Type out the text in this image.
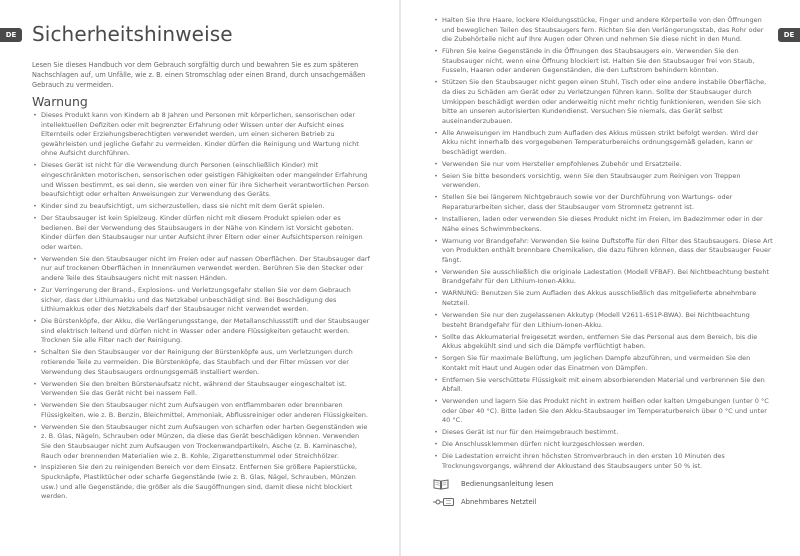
DE Sicherheitshinweise

Lesen Sie dieses Handbuch vor dem Gebrauch sorgfältig durch und bewahren Sie es zum späteren Nachschlagen auf, um Unfälle, wie z. B. einen Stromschlag oder einen Brand, durch unsachgemäßen Gebrauch zu vermeiden.

Warnung
• Dieses Produkt kann von Kindern ab 8 Jahren und Personen mit körperlichen, sensorischen oder intellektuellen Defiziten oder mit begrenzter Erfahrung oder Wissen unter der Aufsicht eines Elternteils oder Erziehungsberechtigten verwendet werden, um einen sicheren Betrieb zu gewährleisten und jegliche Gefahr zu vermeiden. Kinder dürfen die Reinigung und Wartung nicht ohne Aufsicht durchführen.
• Dieses Gerät ist nicht für die Verwendung durch Personen (einschließlich Kinder) mit eingeschränkten motorischen, sensorischen oder geistigen Fähigkeiten oder mangelnder Erfahrung und Wissen bestimmt, es sei denn, sie werden von einer für ihre Sicherheit verantwortlichen Person beaufsichtigt oder erhalten Anweisungen zur Verwendung des Geräts.
• Kinder sind zu beaufsichtigt, um sicherzustellen, dass sie nicht mit dem Gerät spielen.
• Der Staubsauger ist kein Spielzeug. Kinder dürfen nicht mit diesem Produkt spielen oder es bedienen. Bei der Verwendung des Staubsaugers in der Nähe von Kindern ist Vorsicht geboten. Kinder dürfen den Staubsauger nur unter Aufsicht ihrer Eltern oder einer Aufsichtsperson reinigen oder warten.
• Verwenden Sie den Staubsauger nicht im Freien oder auf nassen Oberflächen. Der Staubsauger darf nur auf trockenen Oberflächen in Innenräumen verwendet werden. Berühren Sie den Stecker oder andere Teile des Staubsaugers nicht mit nassen Händen.
• Zur Verringerung der Brand-, Explosions- und Verletzungsgefahr stellen Sie vor dem Gebrauch sicher, dass der Lithiumakku und das Netzkabel unbeschädigt sind. Bei Beschädigung des Lithiumakkus oder des Netzkabels darf der Staubsauger nicht verwendet werden.
• Die Bürstenköpfe, der Akku, die Verlängerungsstange, der Metallanschlussstift und der Staubsauger sind elektrisch leitend und dürfen nicht in Wasser oder andere Flüssigkeiten getaucht werden. Trocknen Sie alle Filter nach der Reinigung.
• Schalten Sie den Staubsauger vor der Reinigung der Bürstenköpfe aus, um Verletzungen durch rotierende Teile zu vermeiden. Die Bürstenköpfe, das Staubfach und der Filter müssen vor der Verwendung des Staubsaugers ordnungsgemäß installiert werden.
• Verwenden Sie den breiten Bürstenaufsatz nicht, während der Staubsauger eingeschaltet ist. Verwenden Sie das Gerät nicht bei nassem Fell.
• Verwenden Sie den Staubsauger nicht zum Aufsaugen von entflammbaren oder brennbaren Flüssigkeiten, wie z. B. Benzin, Bleichmittel, Ammoniak, Abflussreiniger oder anderen Flüssigkeiten.
• Verwenden Sie den Staubsauger nicht zum Aufsaugen von scharfen oder harten Gegenständen wie z. B. Glas, Nägeln, Schrauben oder Münzen, da diese das Gerät beschädigen können. Verwenden Sie den Staubsauger nicht zum Aufsaugen von Trockenwandpartikeln, Asche (z. B. Kaminasche), Rauch oder brennenden Materialien wie z. B. Kohle, Zigarettenstummel oder Streichhölzer.
• Inspizieren Sie den zu reinigenden Bereich vor dem Einsatz. Entfernen Sie größere Papierstücke, Spucknäpfe, Plastiktücher oder scharfe Gegenstände (wie z. B. Glas, Nägel, Schrauben, Münzen usw.) und alle Gegenstände, die größer als die Saugöffnungen sind, damit diese nicht blockiert werden.
DE
• Halten Sie Ihre Haare, lockere Kleidungsstücke, Finger und andere Körperteile von den Öffnungen und beweglichen Teilen des Staubsaugers fern. Richten Sie den Verlängerungsstab, das Rohr oder die Zubehörteile nicht auf Ihre Augen oder Ohren und nehmen Sie diese nicht in den Mund.
• Führen Sie keine Gegenstände in die Öffnungen des Staubsaugers ein. Verwenden Sie den Staubsauger nicht, wenn eine Öffnung blockiert ist. Halten Sie den Staubsauger frei von Staub, Fusseln, Haaren oder anderen Gegenständen, die den Luftstrom behindern könnten.
• Stützen Sie den Staubsauger nicht gegen einen Stuhl, Tisch oder eine andere instabile Oberfläche, da dies zu Schäden am Gerät oder zu Verletzungen führen kann. Sollte der Staubsauger durch Umkippen beschädigt werden oder anderweitig nicht mehr richtig funktionieren, wenden Sie sich bitte an unseren autorisierten Kundendienst. Versuchen Sie niemals, das Gerät selbst auseinanderzubauen.
• Alle Anweisungen im Handbuch zum Aufladen des Akkus müssen strikt befolgt werden. Wird der Akku nicht innerhalb des vorgegebenen Temperaturbereichs ordnungsgemäß geladen, kann er beschädigt werden.
• Verwenden Sie nur vom Hersteller empfohlenes Zubehör und Ersatzteile.
• Seien Sie bitte besonders vorsichtig, wenn Sie den Staubsauger zum Reinigen von Treppen verwenden.
• Stellen Sie bei längerem Nichtgebrauch sowie vor der Durchführung von Wartungs- oder Reparaturarbeiten sicher, dass der Staubsauger vom Stromnetz getrennt ist.
• Installieren, laden oder verwenden Sie dieses Produkt nicht im Freien, im Badezimmer oder in der Nähe eines Schwimmbeckens.
• Warnung vor Brandgefahr: Verwenden Sie keine Duftstoffe für den Filter des Staubsaugers. Diese Art von Produkten enthält brennbare Chemikalien, die dazu führen können, dass der Staubsauger Feuer fängt.
• Verwenden Sie ausschließlich die originale Ladestation (Modell VFBAF). Bei Nichtbeachtung besteht Brandgefahr für den Lithium-Ionen-Akku.
• WARNUNG: Benutzen Sie zum Aufladen des Akkus ausschließlich das mitgelieferte abnehmbare Netzteil.
• Verwenden Sie nur den zugelassenen Akkutyp (Modell V2611-6S1P-BWA). Bei Nichtbeachtung besteht Brandgefahr für den Lithium-Ionen-Akku.
• Sollte das Akkumaterial freigesetzt werden, entfernen Sie das Personal aus dem Bereich, bis die Akkus abgekühlt sind und sich die Dämpfe verflüchtigt haben.
• Sorgen Sie für maximale Belüftung, um jeglichen Dampfe abzuführen, und vermeiden Sie den Kontakt mit Haut und Augen oder das Einatmen von Dämpfen.
• Entfernen Sie verschüttete Flüssigkeit mit einem absorbierenden Material und verbrennen Sie den Abfall.
• Verwenden und lagern Sie das Produkt nicht in extrem heißen oder kalten Umgebungen (unter 0 °C oder über 40 °C). Bitte laden Sie den Akku-Staubsauger im Temperaturbereich über 0 °C und unter 40 °C.
• Dieses Gerät ist nur für den Heimgebrauch bestimmt.
• Die Anschlussklemmen dürfen nicht kurzgeschlossen werden.
• Die Ladestation erreicht ihren höchsten Stromverbrauch in den ersten 10 Minuten des Trocknungsvorgangs, während der Akkustand des Staubsaugers unter 50 % ist.
Bedienungsanleitung lesen
Abnehmbares Netzteil
